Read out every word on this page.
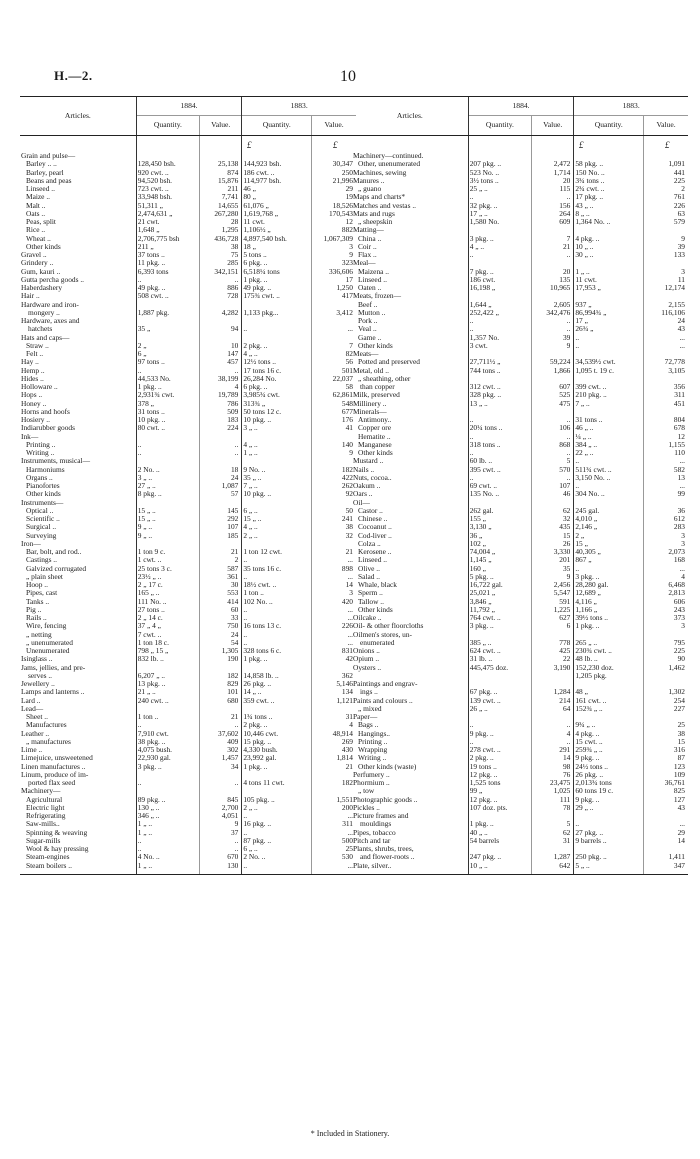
H.—2.	10
Articles.	1884.		1883.	
	Quantity.	Value.	Quantity.	Value.
Grain and pulse—				
Barley .. ..	128,450 bsh.	25,138	144,923 bsh.	30,347
Barley, pearl	920 cwt. ..	874	186 cwt. ..	250
Beans and peas	94,520 bsh.	15,876	114,977 bsh.	21,996
Linseed ..	723 cwt. ..	211	46 „	29
Maize ..	33,948 bsh.	7,741	80 „	19
Malt ..	51,311 „	14,655	61,076 „	18,526
Oats ..	2,474,631 „	267,280	1,619,768 „	170,543
Peas, split	21 cwt.	28	11 cwt.	12
Rice ..	1,648 „	1,295	1,106½ „	882
Wheat ..	2,706,775 bsh	436,728	4,897,540 bsh.	1,067,309
Other kinds	211 „	38	18 „	3
Gravel ..	37 tons ..	75	5 tons ..	9
Grindery ..	11 pkg. ..	285	6 pkg. ..	323
Gum, kauri ..	6,393 tons	342,151	6,518¼ tons	336,606
Gutta percha goods ..	..	..	1 pkg. ..	17
Haberdashery	49 pkg. ..	886	49 pkg. ..	1,250
Hair ..	508 cwt. ..	728	175¾ cwt. ..	417
Hardware and iron-				
mongery ..	1,887 pkg.	4,282	1,133 pkg...	3,412
Hardware, axes and				
hatchets	35 „	94	..	...
Hats and caps—				
Straw ..	2 „	10	2 pkg. ..	7
Felt ..	6 „	147	4 „ ..	82
Hay ..	97 tons ..	457	12½ tons ..	56
Hemp ..	..	..	17 tons 16 c.	501
Hides ..	44,533 No.	38,199	26,284 No.	22,037
Holloware ..	1 pkg. ..	4	6 pkg. ..	58
Hops ..	2,931¾ cwt.	19,789	3,985¾ cwt.	62,861
Honey ..	378 „	786	313¾ „	548
Horns and hoofs	31 tons ..	509	50 tons 12 c.	677
Hosiery ..	10 pkg. ..	183	10 pkg. ..	176
Indiarubber goods	80 cwt. ..	224	3 „ ..	41
Ink—				
Printing ..	..	..	4 „ ..	140
Writing ..	..	..	1 „ ..	9
Instruments, musical—				
Harmoniums	2 No. ..	18	9 No. ..	182
Organs ..	3 „ ..	24	35 „ ..	422
Pianofortes	27 „ ..	1,087	7 „ ..	262
Other kinds	8 pkg. ..	57	10 pkg. ..	92
Instruments—				
Optical ..	15 „ ..	145	6 „ ..	50
Scientific ..	15 „ ..	292	15 „ ..	241
Surgical ..	9 „ ..	107	4 „ ..	38
Surveying	9 „ ..	185	2 „ ..	32
Iron—				
Bar, bolt, and rod..	1 ton 9 c.	21	1 ton 12 cwt.	21
Castings ..	1 cwt. ..	2	..	...
Galvized corrugated	25 tons 3 c.	587	35 tons 16 c.	898
„ plain sheet	23½ „ ..	361	..	...
Hoop ..	2 „ 17 c.	30	18½ cwt. ..	14
Pipes, cast	165 „ ..	553	1 ton ..	3
Tanks ..	111 No. ..	414	102 No. ..	420
Pig ..	27 tons ..	60	..	...
Rails ..	2 „ 14 c.	33	..	...
Wire, fencing	37 „ 4 „	750	16 tons 13 c.	226
„ netting	7 cwt. ..	24	..	...
„ unenumerated	1 ton 18 c.	54	..	...
Unenumerated	798 „ 15 „	1,305	328 tons 6 c.	831
Isinglass ..	832 lb. ..	190	1 pkg. ..	42
Jams, jellies, and pre-				
serves ..	6,207 „ ..	182	14,858 lb. ..	362
Jewellery ..	13 pkg. ..	829	26 pkg. ..	5,146
Lamps and lanterns ..	21 „ ..	101	14 „ ..	134
Lard ..	240 cwt. ..	680	359 cwt. ..	1,121
Lead—				
Sheet ..	1 ton ..	21	1¾ tons ..	31
Manufactures	..	..	2 pkg. ..	4
Leather ..	7,910 cwt.	37,602	10,446 cwt.	48,914
„ manufactures	38 pkg. ..	409	15 pkg. ..	269
Lime ..	4,075 bush.	302	4,330 bush.	430
Limejuice, unsweetened	22,930 gal.	1,457	23,992 gal.	1,814
Linen manufactures ..	3 pkg. ..	34	1 pkg. ..	21
Linum, produce of im-				
ported flax seed	..	..	4 tons 11 cwt.	182
Machinery—				
Agricultural	89 pkg. ..	845	105 pkg. ..	1,551
Electric light	130 „ ..	2,700	2 „ ..	200
Refrigerating	346 „ ..	4,051	..	...
Saw-mills..	1 „ ..	9	16 pkg. ..	311
Spinning & weaving	1 „ ..	37	..	...
Sugar-mills	..	..	87 pkg. ..	500
Wool & hay pressing	..	..	6 „ ..	25
Steam-engines	4 No. ..	670	2 No. ..	530
Steam boilers ..	1 „ ..	130	..	...
Articles.	1884.		1883.	
	Quantity.	Value.	Quantity.	Value.
Machinery—continued.				
Other, unenumerated	207 pkg. ..	2,472	58 pkg. ..	1,091
Machines, sewing	523 No. ..	1,714	150 No. ..	441
Manures ..	3½ tons ..	20	3¾ tons ..	225
„ guano	25 „ ..	115	2¾ cwt. ..	2
Maps and charts*	..	..	17 pkg. ..	761
Matches and vestas ..	32 pkg. ..	156	43 „ ..	226
Mats and rugs	17 „ ..	264	8 „ ..	63
„ sheepskin	1,580 No.	609	1,364 No. ..	579
Matting—				
China ..	3 pkg. ..	7	4 pkg. ..	9
Coir ..	4 „ ..	21	10 „ ..	39
Flax ..	..	..	30 „ ..	133
Meal—				
Maizena ..	7 pkg. ..	20	1 „ ..	3
Linseed ..	186 cwt.	135	11 cwt.	11
Oaten ..	16,198 „	10,965	17,953 „	12,174
Meats, frozen—				
Beef ..	1,644 „	2,605	937 „	2,155
Mutton ..	252,422 „	342,476	86,994¾ „	116,106
Pork ..	..	..	17 „	24
Veal ..	..	..	26¾ „	43
Game ..	1,357 No.	39	..	...
Other kinds	3 cwt.	9	..	...
Meats—				
Potted and preserved	27,711½ „	59,224	34,539½ cwt.	72,778
Metal, old ..	744 tons ..	1,866	1,095 t. 19 c.	3,105
„ sheathing, other				
than copper	312 cwt. ..	607	399 cwt. ..	356
Milk, preserved	328 pkg. ..	525	210 pkg. ..	311
Millinery ..	13 „ ..	475	7 „ ..	451
Minerals—				
Antimony..	..	..	31 tons ..	804
Copper ore	20¼ tons ..	106	46 „ ..	678
Hematite ..	..	..	¼ „ ..	12
Manganese	318 tons ..	868	384 „ ..	1,155
Other kinds	..	..	22 „ ..	110
Mustard ..	60 lb. ..	5	..	...
Nails ..	395 cwt. ..	570	511¾ cwt. ..	582
Nuts, cocoa..	..	..	3,150 No. ..	13
Oakum ..	69 cwt. ..	107	..	...
Oars ..	135 No. ..	46	304 No. ..	99
Oil—				
Castor ..	262 gal.	62	245 gal.	36
Chinese ..	155 „	32	4,010 „	612
Cocoanut ..	3,130 „	435	2,146 „	283
Cod-liver ..	36 „	15	2 „	3
Colza ..	102 „	26	15 „	3
Kerosene ..	74,004 „	3,330	40,305 „	2,073
Linseed ..	1,145 „	201	867 „	168
Olive ..	160 „	35	..	...
Salad ..	5 pkg. ..	9	3 pkg. ..	4
Whale, black	16,722 gal.	2,456	28,280 gal.	6,468
Sperm ..	25,021 „	5,547	12,689 „	2,813
Tallow ..	3,846 „	591	4,116 „	606
Other kinds	11,792 „	1,225	1,166 „	243
Oilcake ..	764 cwt. ..	627	39½ tons ..	373
Oil- & other floorcloths	3 pkg. ..	6	1 pkg. ..	3
Oilmen's stores, un-				
enumerated	385 „ ..	778	265 „ ..	795
Onions ..	624 cwt. ..	425	230¾ cwt. ..	225
Opium ..	31 lb. ..	22	48 lb. ..	90
Oysters ..	445,475 doz.	3,190	152,230 doz.	1,462
			1,205 pkg.	
Paintings and engrav-				
ings ..	67 pkg. ..	1,284	48 „	1,302
Paints and colours ..	139 cwt. ..	214	161 cwt. ..	254
„ mixed	26 „ ..	64	152¾ „ ..	227
Paper—				
Bags ..	..	..	9¾ „ ..	25
Hangings..	9 pkg. ..	4	4 pkg. ..	38
Printing ..	..	..	15 cwt. ..	15
Wrapping	278 cwt. ..	291	259¾ „ ..	316
Writing ..	2 pkg. ..	14	9 pkg. ..	87
Other kinds (waste)	19 tons ..	98	24½ tons ..	123
Perfumery ..	12 pkg. ..	76	26 pkg. ..	109
Phormium ..	1,525 tons	23,475	2,013¾ tons	36,761
„ tow	99 „	1,025	60 tons 19 c.	825
Photographic goods ..	12 pkg. ..	111	9 pkg. ..	127
Pickles ..	107 doz. pts.	78	29 „ ..	43
Picture frames and				
mouldings	1 pkg. ..	5	..	...
Pipes, tobacco	40 „ ..	62	27 pkg. ..	29
Pitch and tar	54 barrels	31	9 barrels ..	14
Plants, shrubs, trees,				
and flower-roots ..	247 pkg. ..	1,287	250 pkg. ..	1,411
Plate, silver..	10 „ ..	642	5 „ ..	347
£	£	£	£
* Included in Stationery.
